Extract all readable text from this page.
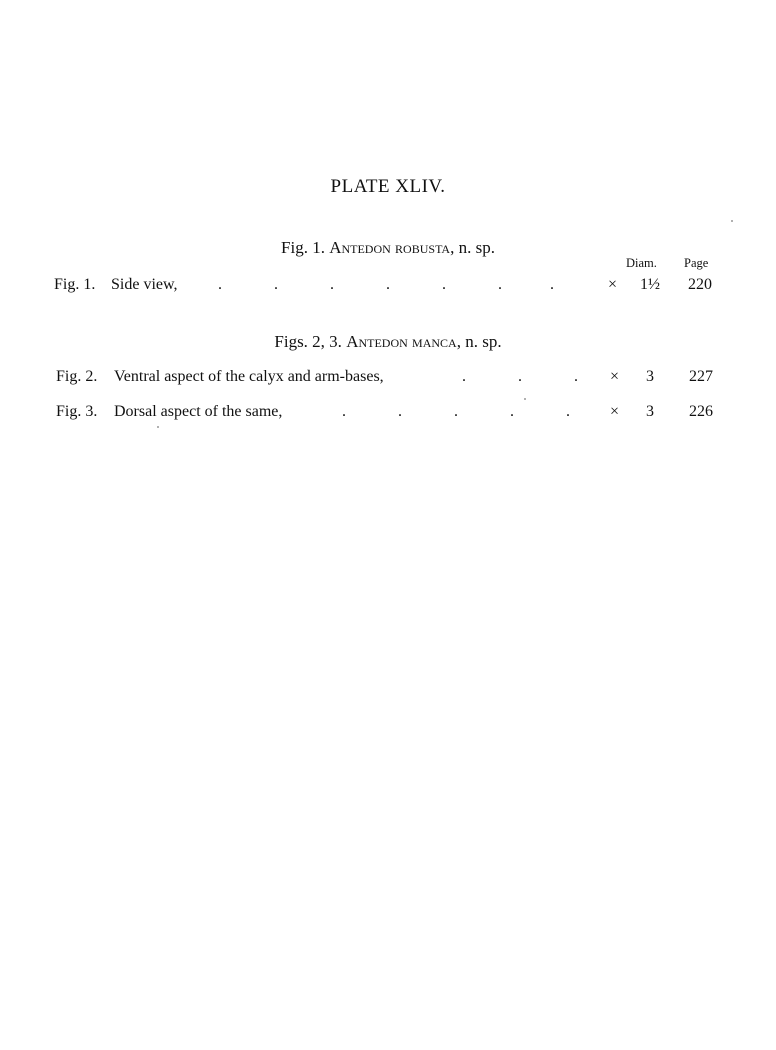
PLATE XLIV.
Fig. 1. Antedon robusta, n. sp.
Diam. Page
Fig. 1. Side view,	.             .             .             .             .             .            .	×	1½	220
Figs. 2, 3. Antedon manca, n. sp.
Fig. 2. Ventral aspect of the calyx and arm-bases,	.             .             . ×	3	227
Fig. 3. Dorsal aspect of the same,	.             .             .             .             .	×	3	226
